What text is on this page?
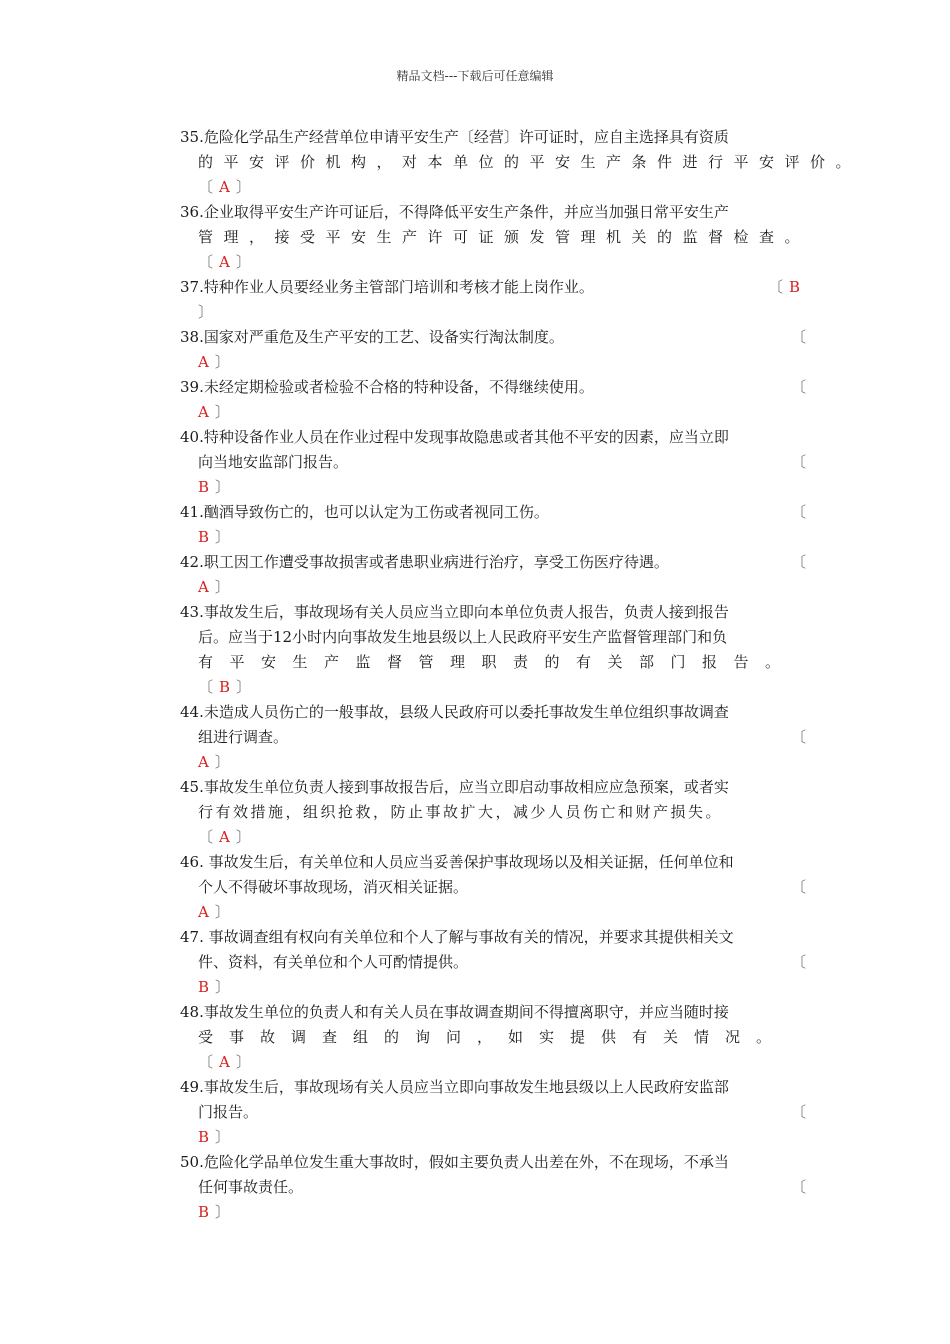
精品文档---下载后可任意编辑
35.危险化学品生产经营单位申请平安生产〔经营〕许可证时，应自主选择具有资质
的平安评价机构，对本单位的平安生产条件进行平安评价。
〔 A 〕
36.企业取得平安生产许可证后，不得降低平安生产条件，并应当加强日常平安生产
管理，接受平安生产许可证颁发管理机关的监督检查。
〔 A 〕
37.特种作业人员要经业务主管部门培训和考核才能上岗作业。	〔 B
〕
38.国家对严重危及生产平安的工艺、设备实行淘汰制度。	〔
A 〕
39.未经定期检验或者检验不合格的特种设备，不得继续使用。	〔
A 〕
40.特种设备作业人员在作业过程中发现事故隐患或者其他不平安的因素，应当立即
向当地安监部门报告。	〔
B 〕
41.酗酒导致伤亡的，也可以认定为工伤或者视同工伤。	〔
B 〕
42.职工因工作遭受事故损害或者患职业病进行治疗，享受工伤医疗待遇。	〔
A 〕
43.事故发生后，事故现场有关人员应当立即向本单位负责人报告，负责人接到报告
后。应当于12小时内向事故发生地县级以上人民政府平安生产监督管理部门和负
有平安生产监督管理职责的有关部门报告。
〔 B 〕
44.未造成人员伤亡的一般事故，县级人民政府可以委托事故发生单位组织事故调查
组进行调查。	〔
A 〕
45.事故发生单位负责人接到事故报告后，应当立即启动事故相应应急预案，或者实
行有效措施，组织抢救，防止事故扩大，减少人员伤亡和财产损失。
〔 A 〕
46. 事故发生后，有关单位和人员应当妥善保护事故现场以及相关证据，任何单位和
个人不得破坏事故现场，消灭相关证据。	〔
A 〕
47. 事故调查组有权向有关单位和个人了解与事故有关的情况，并要求其提供相关文
件、资料，有关单位和个人可酌情提供。	〔
B 〕
48.事故发生单位的负责人和有关人员在事故调查期间不得擅离职守，并应当随时接
受事故调查组的询问，如实提供有关情况。
〔 A 〕
49.事故发生后，事故现场有关人员应当立即向事故发生地县级以上人民政府安监部
门报告。	〔
B 〕
50.危险化学品单位发生重大事故时，假如主要负责人出差在外，不在现场，不承当
任何事故责任。	〔
B 〕
